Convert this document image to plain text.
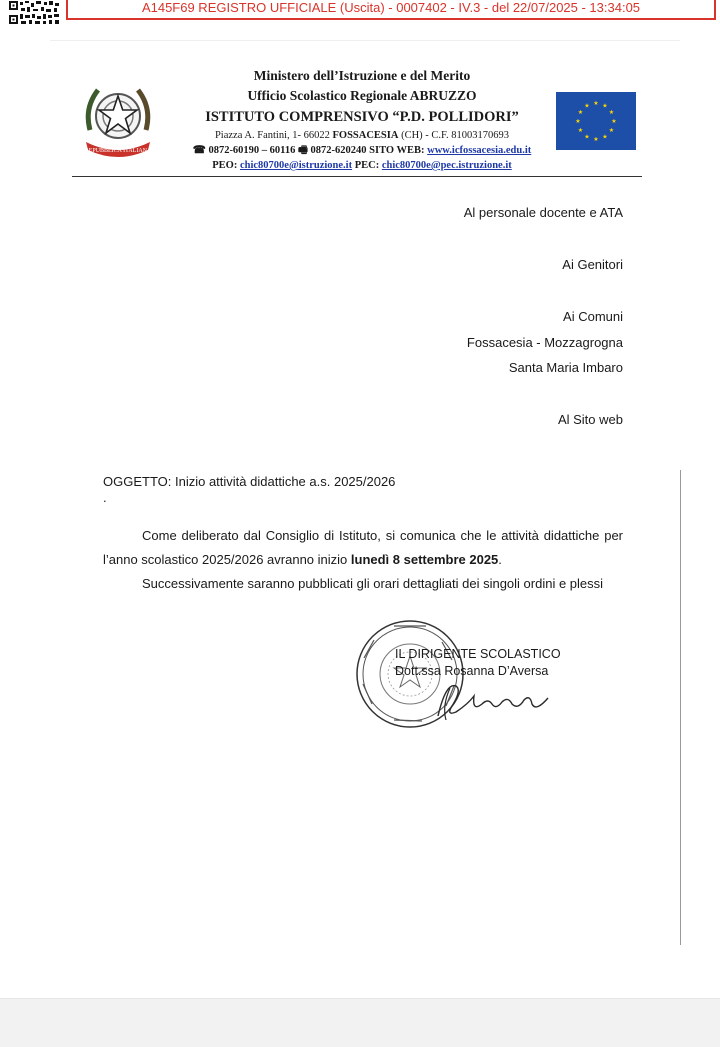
A145F69 REGISTRO UFFICIALE (Uscita) - 0007402 - IV.3 - del 22/07/2025 - 13:34:05
REPUBBLICA ITALIANA
Ministero dell’Istruzione e del Merito
Ufficio Scolastico Regionale ABRUZZO
ISTITUTO COMPRENSIVO “P.D. POLLIDORI”
Piazza A. Fantini, 1- 66022 FOSSACESIA (CH) - C.F. 81003170693
☎ 0872-60190 – 60116 🖷 0872-620240 SITO WEB: www.icfossacesia.edu.it
PEO: chic80700e@istruzione.it PEC: chic80700e@pec.istruzione.it
★ ★
★
★
★
★
★
★
★
★
★
★
Al personale docente e ATA
Ai Genitori
Ai Comuni
Fossacesia - Mozzagrogna
Santa Maria Imbaro
Al Sito web
OGGETTO: Inizio attività didattiche a.s. 2025/2026
.
Come deliberato dal Consiglio di Istituto, si comunica che le attività didattiche per
l’anno scolastico 2025/2026 avranno inizio lunedì 8 settembre 2025.
Successivamente saranno pubblicati gli orari dettagliati dei singoli ordini e plessi
IL DIRIGENTE SCOLASTICO
Dott.ssa Rosanna D’Aversa
